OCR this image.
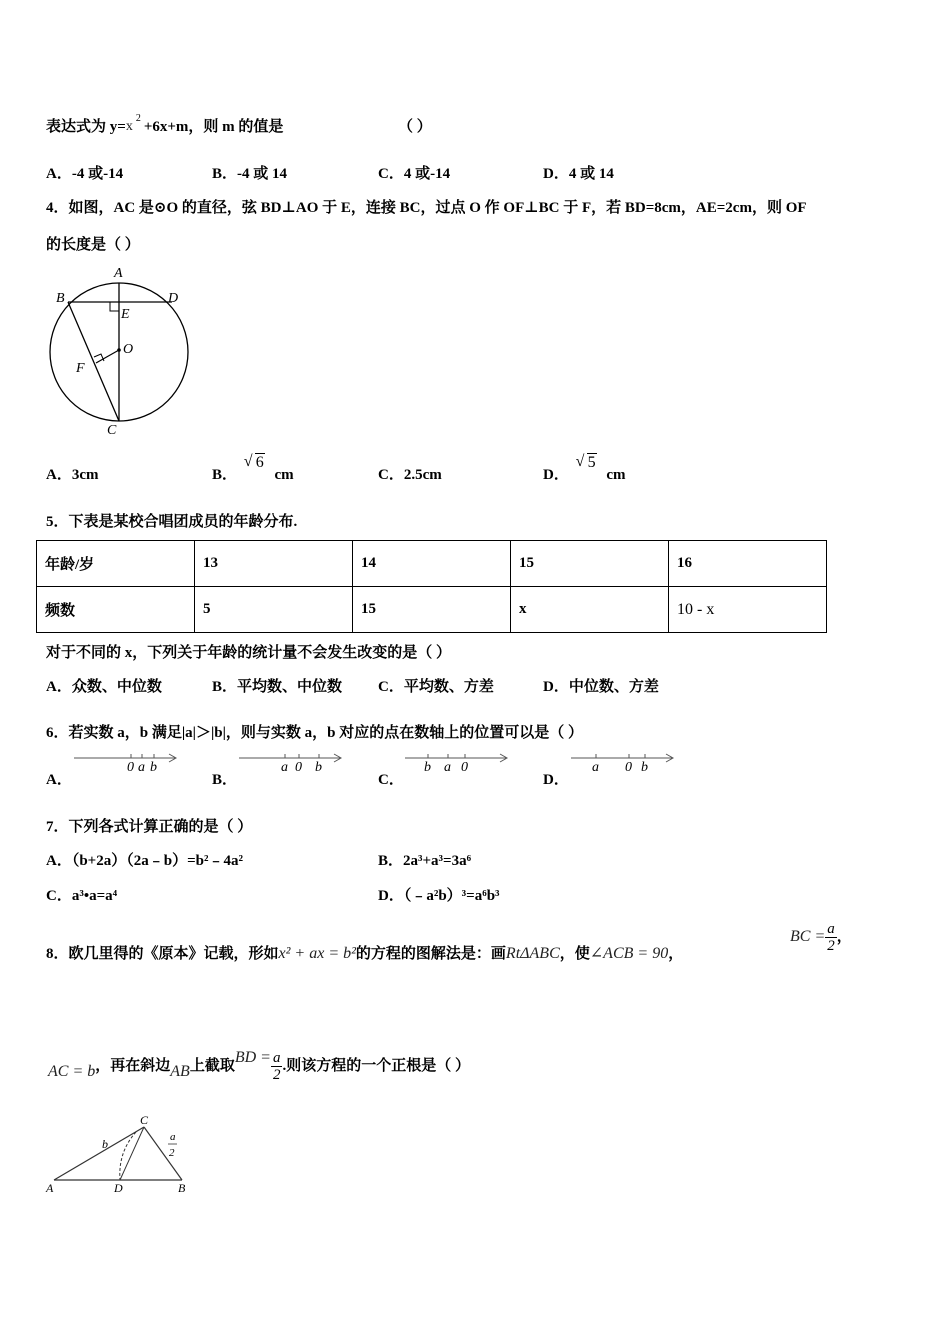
表达式为 y= x
2
+6x+m，则 m 的值是	（ ）
A．-4 或-14	B．-4 或 14	C．4 或-14	D．4 或 14
4．如图，AC 是⊙O 的直径，弦 BD⊥AO 于 E，连接 BC，过点 O 作 OF⊥BC 于 F，若 BD=8cm，AE=2cm，则 OF
的长度是（ ）
A
B	D
E
O
F
C
A．3cm	B．
√ 6 cm	C．2.5cm	D．
√ 5 cm
5．下表是某校合唱团成员的年龄分布.
年龄/岁	13	14	15	16
频数	5	15	x	10 - x
对于不同的 x，下列关于年龄的统计量不会发生改变的是（ ）
A．众数、中位数	B．平均数、中位数 C．平均数、方差	D．中位数、方差
6．若实数 a，b 满足|a|＞|b|，则与实数 a，b 对应的点在数轴上的位置可以是（ ）
A．
0 a b
B．
a 0 b
C．
b a 0
D．
a 0 b
7．下列各式计算正确的是（ ）
A．（b+2a）（2a﹣b）=b²﹣4a²	B．2a³+a³=3a⁶
C．a³•a=a⁴	D．（﹣a²b）³=a⁶b³
8．欧几里得的《原本》记载，形如x² + ax = b²的方程的图解法是：画RtΔABC，使∠ACB = 90，
BC = $\frac{a}{2}$ ，
AC = b，再在斜边AB上截取BD = $\frac{a}{2}$ .则该方程的一个正根是（ ）
A	D	B
C
b	a
2
